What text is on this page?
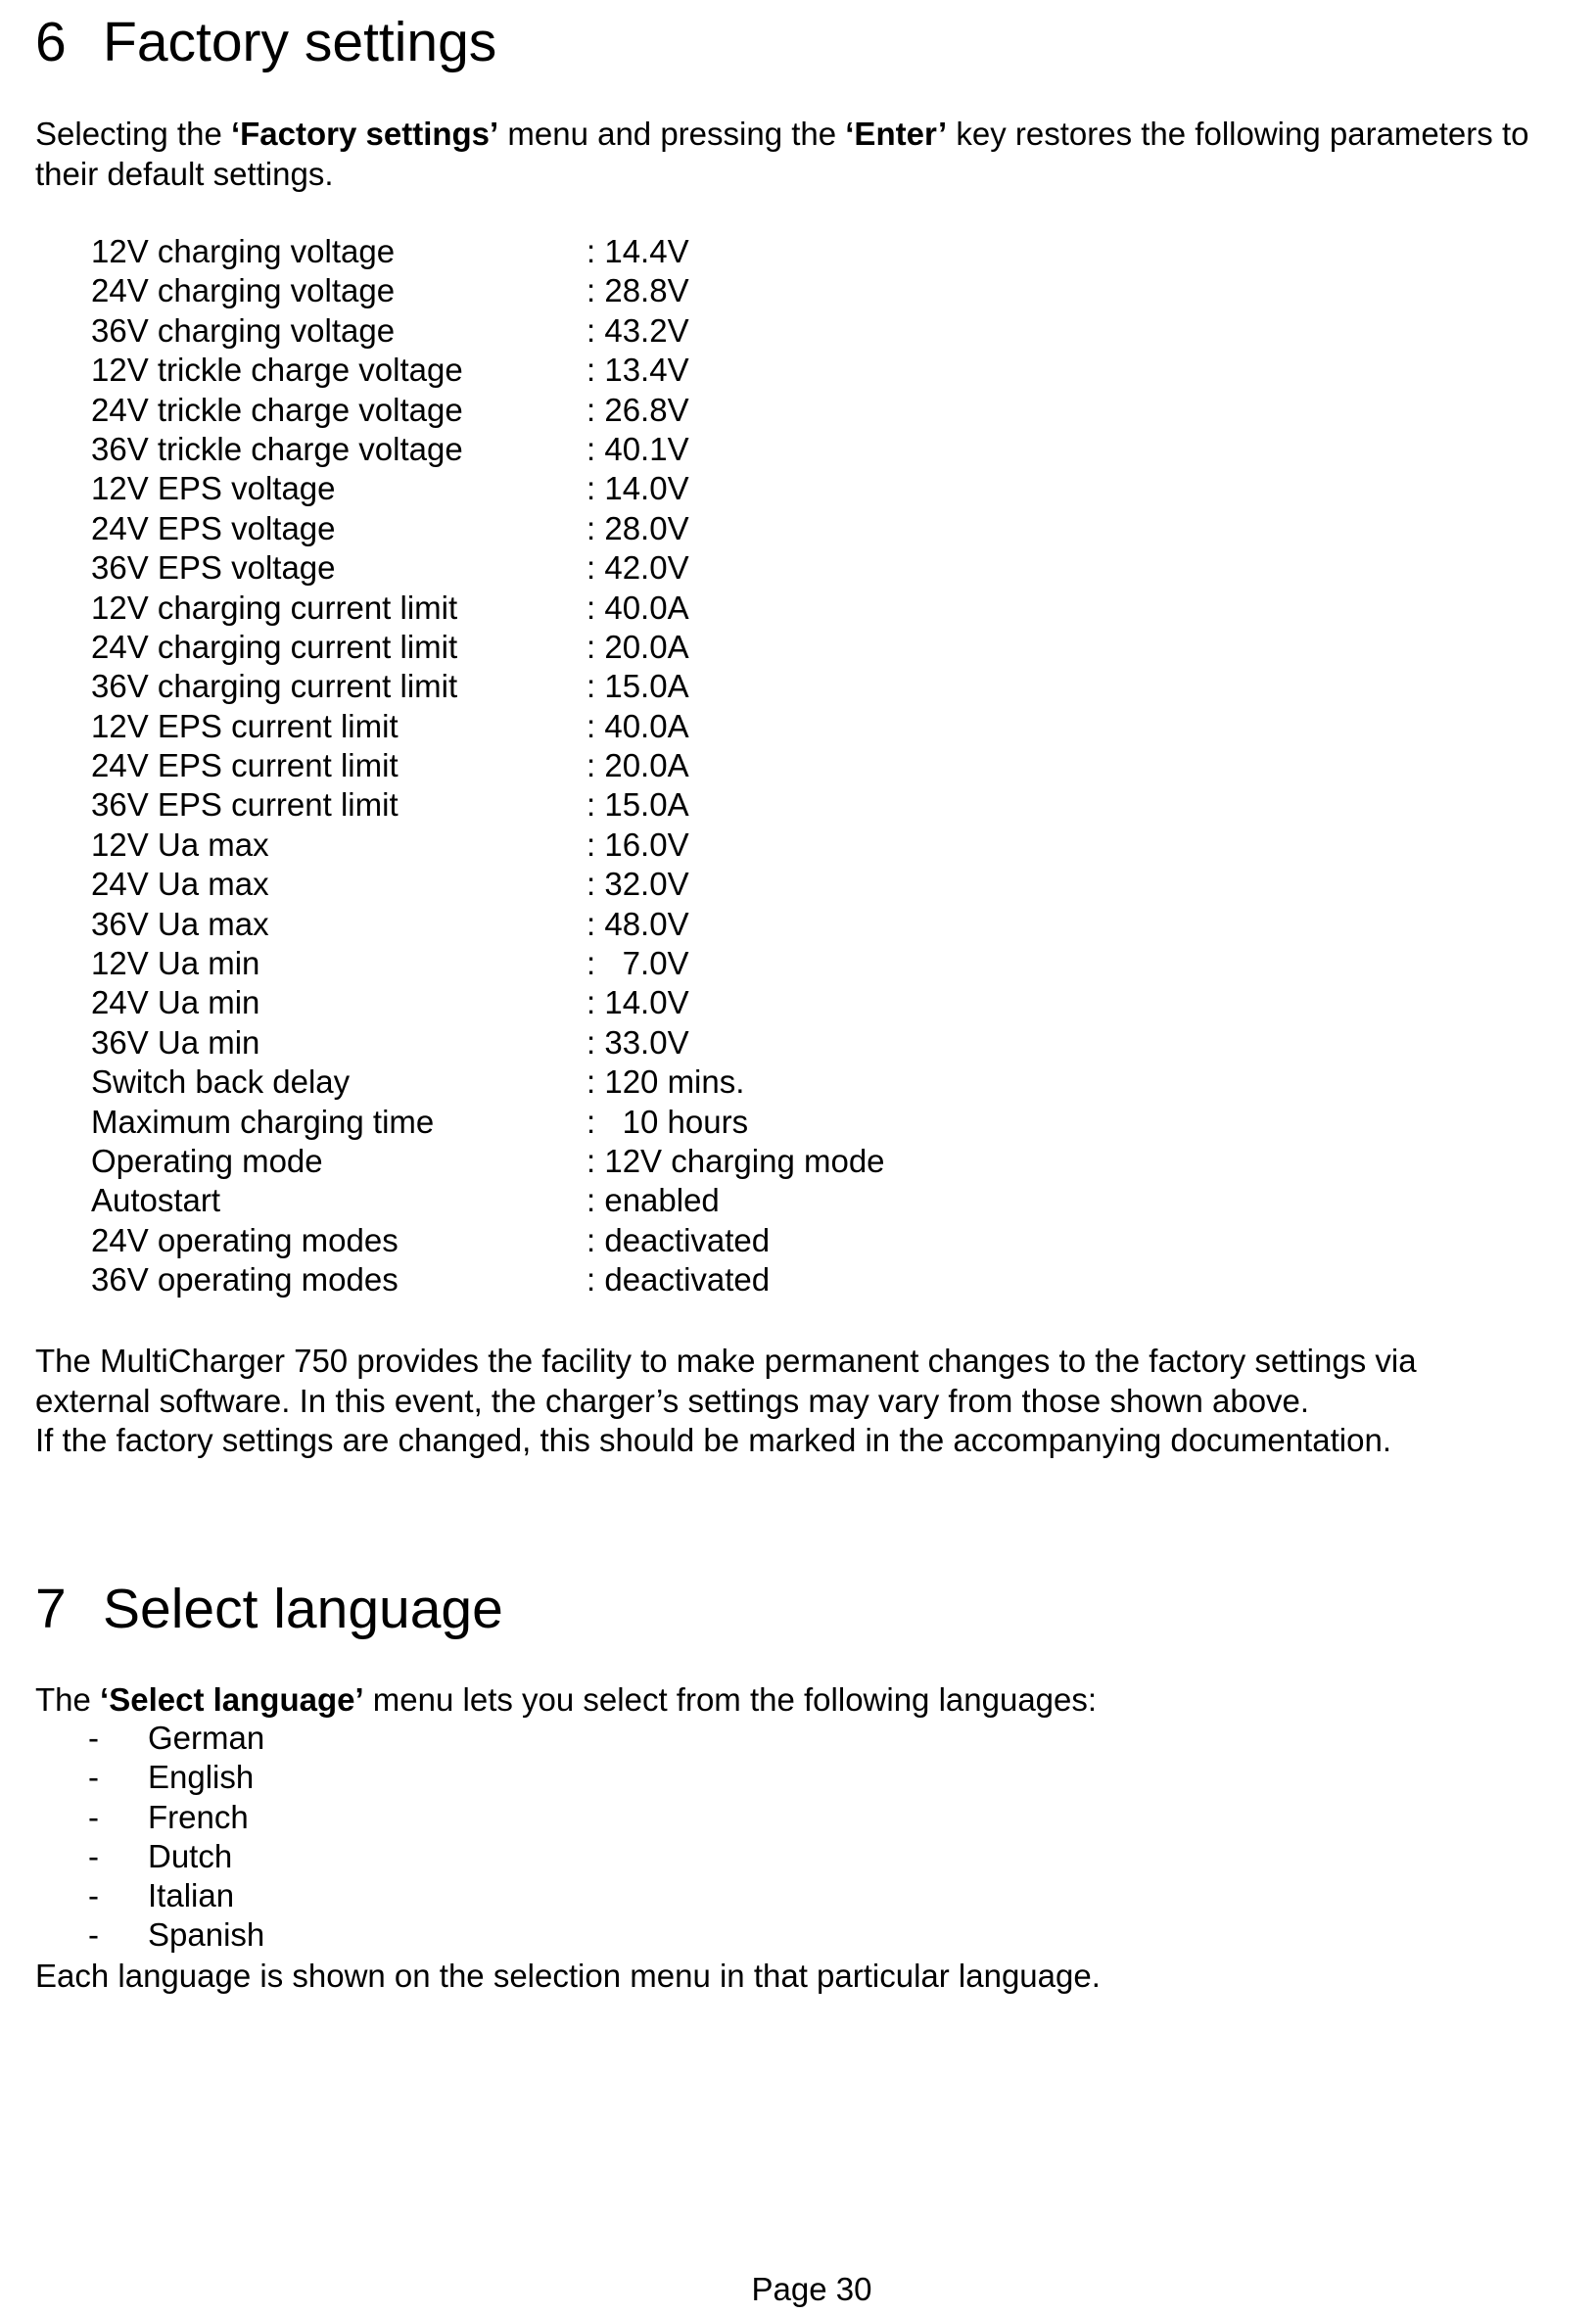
6 Factory settings

Selecting the ‘Factory settings’ menu and pressing the ‘Enter’ key restores the following parameters to their default settings.

12V charging voltage	: 14.4V
24V charging voltage	: 28.8V
36V charging voltage	: 43.2V
12V trickle charge voltage	: 13.4V
24V trickle charge voltage	: 26.8V
36V trickle charge voltage	: 40.1V
12V EPS voltage	: 14.0V
24V EPS voltage	: 28.0V
36V EPS voltage	: 42.0V
12V charging current limit	: 40.0A
24V charging current limit	: 20.0A
36V charging current limit	: 15.0A
12V EPS current limit	: 40.0A
24V EPS current limit	: 20.0A
36V EPS current limit	: 15.0A
12V Ua max	: 16.0V
24V Ua max	: 32.0V
36V Ua max	: 48.0V
12V Ua min	:   7.0V
24V Ua min	: 14.0V
36V Ua min	: 33.0V
Switch back delay	: 120 mins.
Maximum charging time	:   10 hours
Operating mode	: 12V charging mode
Autostart	: enabled
24V operating modes	: deactivated
36V operating modes	: deactivated

The MultiCharger 750 provides the facility to make permanent changes to the factory settings via
external software. In this event, the charger’s settings may vary from those shown above.
If the factory settings are changed, this should be marked in the accompanying documentation.

7 Select language

The ‘Select language’ menu lets you select from the following languages:

- German
- English
- French
- Dutch
- Italian
- Spanish

Each language is shown on the selection menu in that particular language.

Page 30
